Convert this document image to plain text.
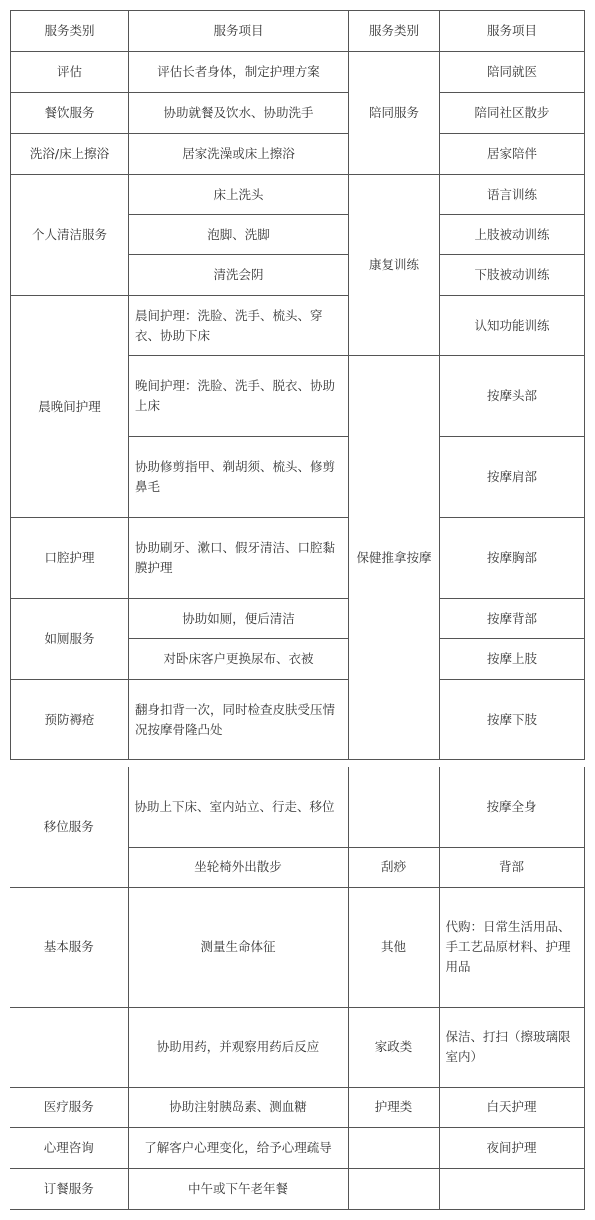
服务类别	服务项目	服务类别	服务项目
评估	评估长者身体，制定护理方案	陪同服务	陪同就医
餐饮服务	协助就餐及饮水、协助洗手		陪同社区散步
洗浴/床上擦浴	居家洗澡或床上擦浴		居家陪伴
个人清洁服务	床上洗头	康复训练	语言训练
	泡脚、洗脚		上肢被动训练
	清洗会阴		下肢被动训练
晨晚间护理	晨间护理：洗脸、洗手、梳头、穿衣、协助下床		认知功能训练
	晚间护理：洗脸、洗手、脱衣、协助上床	保健推拿按摩	按摩头部
	协助修剪指甲、剃胡须、梳头、修剪鼻毛		按摩肩部
口腔护理	协助刷牙、漱口、假牙清洁、口腔黏膜护理		按摩胸部
如厕服务	协助如厕，便后清洁		按摩背部
	对卧床客户更换尿布、衣被		按摩上肢
预防褥疮	翻身扣背一次，同时检查皮肤受压情况按摩骨隆凸处		按摩下肢
移位服务	协助上下床、室内站立、行走、移位		按摩全身
	坐轮椅外出散步	刮痧	背部
基本服务	测量生命体征	其他	代购：日常生活用品、手工艺品原材料、护理用品
	协助用药，并观察用药后反应	家政类	保洁、打扫（擦玻璃限室内）
医疗服务	协助注射胰岛素、测血糖	护理类	白天护理
心理咨询	了解客户心理变化，给予心理疏导		夜间护理
订餐服务	中午或下午老年餐		
